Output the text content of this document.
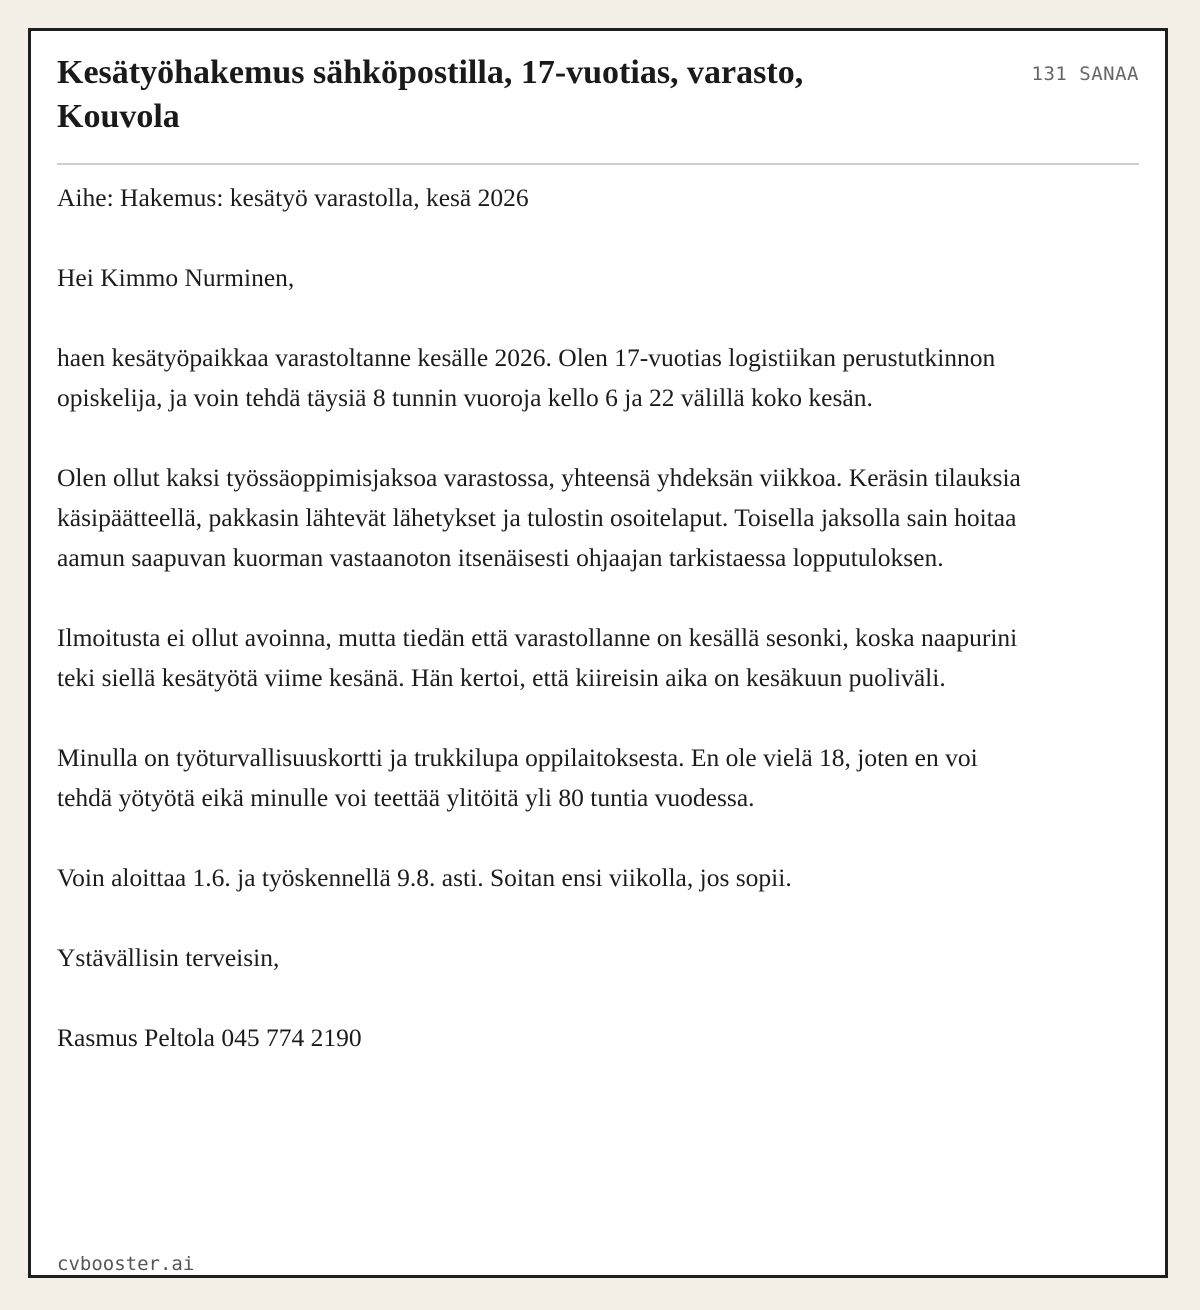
Kesätyöhakemus sähköpostilla, 17-vuotias, varasto, Kouvola
131 SANAA

Aihe: Hakemus: kesätyö varastolla, kesä 2026

Hei Kimmo Nurminen,

haen kesätyöpaikkaa varastoltanne kesälle 2026. Olen 17-vuotias logistiikan perustutkinnon opiskelija, ja voin tehdä täysiä 8 tunnin vuoroja kello 6 ja 22 välillä koko kesän.

Olen ollut kaksi työssäoppimisjaksoa varastossa, yhteensä yhdeksän viikkoa. Keräsin tilauksia käsipäätteellä, pakkasin lähtevät lähetykset ja tulostin osoitelaput. Toisella jaksolla sain hoitaa aamun saapuvan kuorman vastaanoton itsenäisesti ohjaajan tarkistaessa lopputuloksen.

Ilmoitusta ei ollut avoinna, mutta tiedän että varastollanne on kesällä sesonki, koska naapurini teki siellä kesätyötä viime kesänä. Hän kertoi, että kiireisin aika on kesäkuun puoliväli.

Minulla on työturvallisuuskortti ja trukkilupa oppilaitoksesta. En ole vielä 18, joten en voi tehdä yötyötä eikä minulle voi teettää ylitöitä yli 80 tuntia vuodessa.

Voin aloittaa 1.6. ja työskennellä 9.8. asti. Soitan ensi viikolla, jos sopii.

Ystävällisin terveisin,

Rasmus Peltola 045 774 2190

cvbooster.ai
